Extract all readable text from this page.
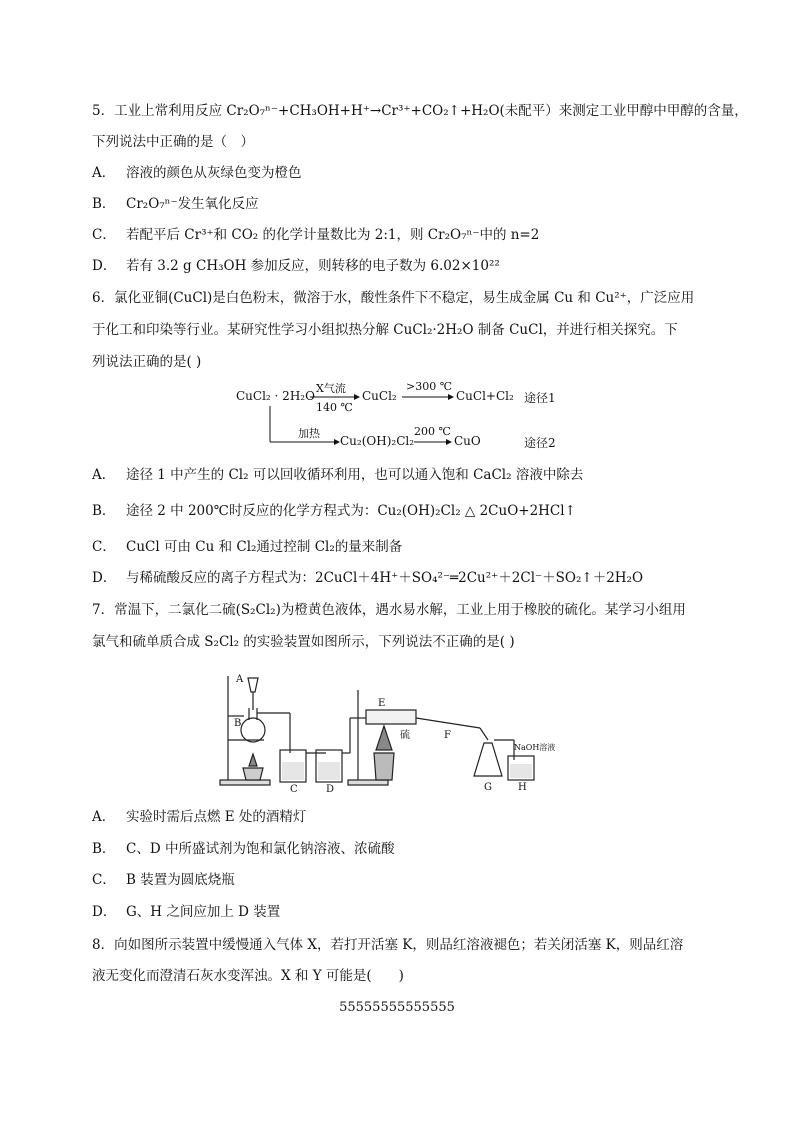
5．工业上常利用反应 Cr₂O₇ⁿ⁻+CH₃OH+H⁺→Cr³⁺+CO₂↑+H₂O(未配平）来测定工业甲醇中甲醇的含量，
下列说法中正确的是（　）
A． 溶液的颜色从灰绿色变为橙色
B． Cr₂O₇ⁿ⁻发生氧化反应
C． 若配平后 Cr³⁺和 CO₂ 的化学计量数比为 2:1，则 Cr₂O₇ⁿ⁻中的 n=2
D． 若有 3.2 g CH₃OH 参加反应，则转移的电子数为 6.02×10²²
6．氯化亚铜(CuCl)是白色粉末，微溶于水，酸性条件下不稳定，易生成金属 Cu 和 Cu²⁺，广泛应用
于化工和印染等行业。某研究性学习小组拟热分解 CuCl₂·2H₂O 制备 CuCl，并进行相关探究。下
列说法正确的是( )
CuCl₂ · 2H₂O
X气流
140 ℃
CuCl₂
>300 ℃
CuCl+Cl₂ 途径1
加热
Cu₂(OH)₂Cl₂
200 ℃
CuO	途径2
A． 途径 1 中产生的 Cl₂ 可以回收循环利用，也可以通入饱和 CaCl₂ 溶液中除去
B． 途径 2 中 200℃时反应的化学方程式为：Cu₂(OH)₂Cl₂ △ 2CuO+2HCl↑
C． CuCl 可由 Cu 和 Cl₂通过控制 Cl₂的量来制备
D． 与稀硫酸反应的离子方程式为：2CuCl＋4H⁺＋SO₄²⁻═2Cu²⁺＋2Cl⁻＋SO₂↑＋2H₂O
7．常温下，二氯化二硫(S₂Cl₂)为橙黄色液体，遇水易水解，工业上用于橡胶的硫化。某学习小组用
氯气和硫单质合成 S₂Cl₂ 的实验装置如图所示，下列说法不正确的是( )
A
B
C	D
E
硫	F
G	H
NaOH溶液
A． 实验时需后点燃 E 处的酒精灯
B． C、D 中所盛试剂为饱和氯化钠溶液、浓硫酸
C． B 装置为圆底烧瓶
D． G、H 之间应加上 D 装置
8．向如图所示装置中缓慢通入气体 X，若打开活塞 K，则品红溶液褪色；若关闭活塞 K，则品红溶
液无变化而澄清石灰水变浑浊。X 和 Y 可能是(　　)
55555555555555
